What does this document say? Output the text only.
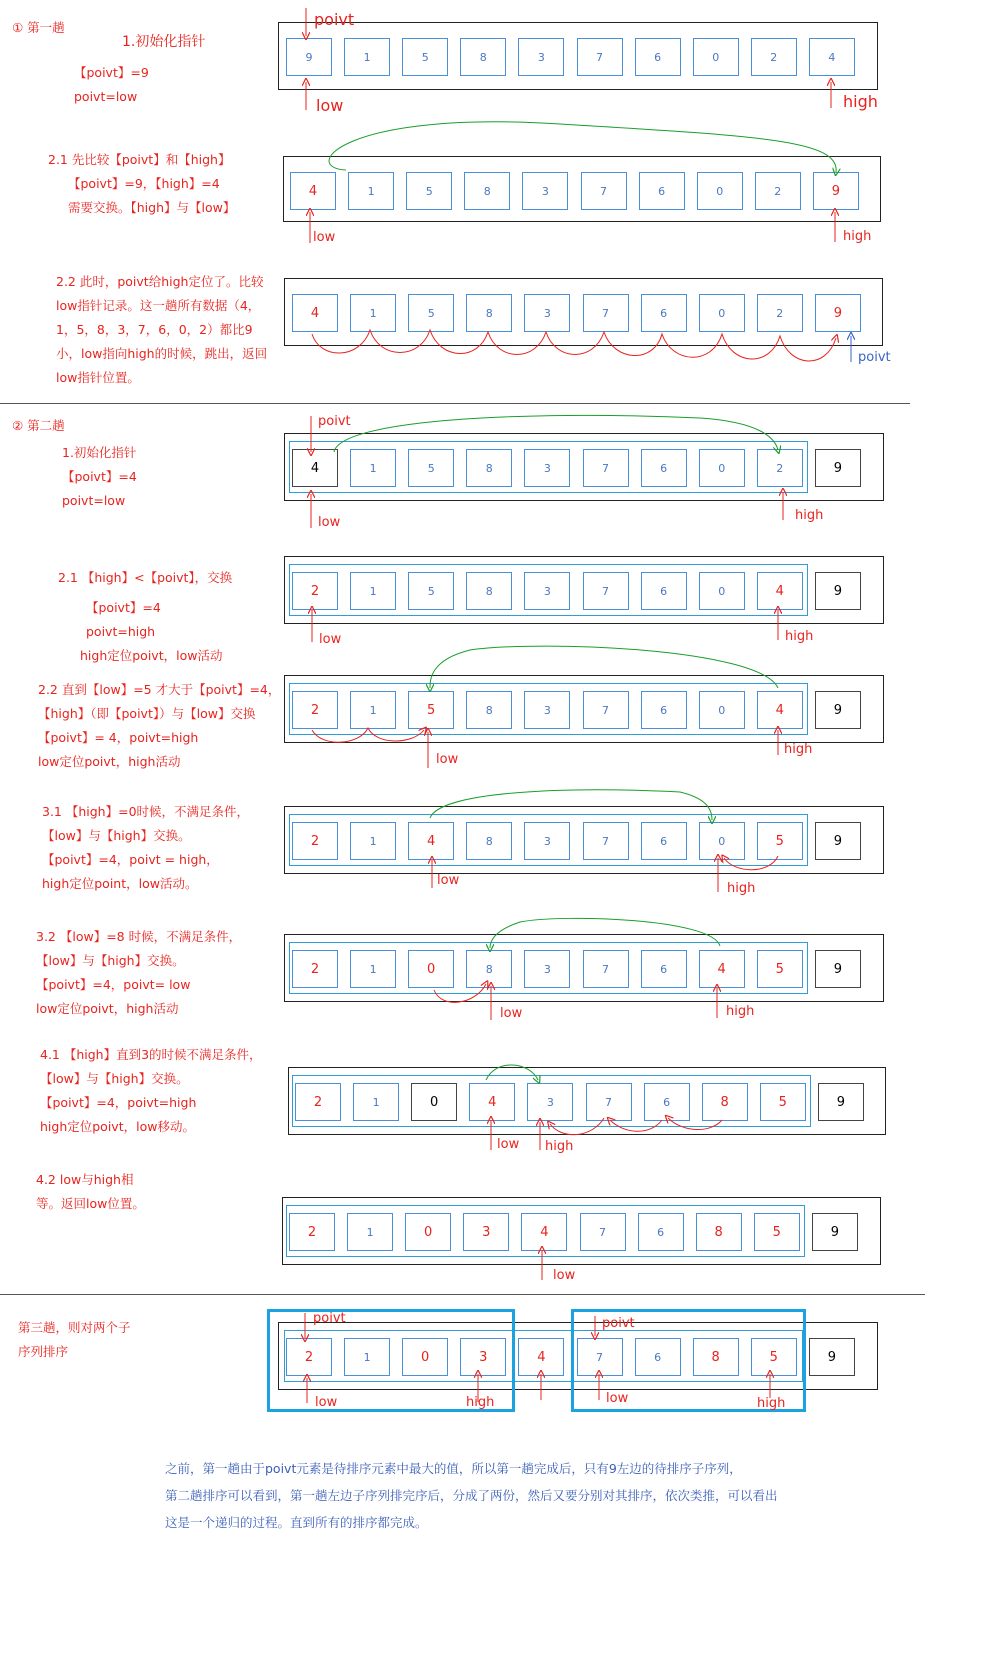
① 第一趟
1.初始化指针
【poivt】=9
poivt=low
2.1 先比较【poivt】和【high】
【poivt】=9，【high】=4
需要交换。【high】与【low】
2.2 此时，poivt给high定位了。比较
low指针记录。这一趟所有数据（4，
1，5，8，3，7，6，0，2）都比9
小，low指向high的时候，跳出，返回
low指针位置。
② 第二趟
1.初始化指针
【poivt】=4
poivt=low
2.1 【high】<【poivt】，交换
【poivt】=4
poivt=high
high定位poivt，low活动
2.2 直到【low】=5 才大于【poivt】=4，
【high】（即【poivt】）与【low】交换
【poivt】= 4，poivt=high
low定位poivt，high活动
3.1 【high】=0时候，不满足条件，
【low】与【high】交换。
【poivt】=4，poivt = high，
high定位point，low活动。
3.2 【low】=8 时候，不满足条件，
【low】与【high】交换。
【poivt】=4，poivt= low
low定位poivt，high活动
4.1 【high】直到3的时候不满足条件，
【low】与【high】交换。
【poivt】=4，poivt=high
high定位poivt，low移动。
4.2 low与high相
等。返回low位置。
第三趟，则对两个子
序列排序
9	1	5	8	3	7	6	0	2	4
4	1	5	8	3	7	6	0	2	9
4	1	5	8	3	7	6	0	2	9
4	1	5	8	3	7	6	0	2	9
2	1	5	8	3	7	6	0	4	9
2	1	5	8	3	7	6	0	4	9
2	1	4	8	3	7	6	0	5	9
2	1	0	8	3	7	6	4	5	9
2	1	0	4	3	7	6	8	5	9
2	1	0	3	4	7	6	8	5	9
2	1	0	3	4	7	6	8	5	9
poivt
low	high
low	high
poivt
poivt
low	high
low	high
low
high
low
high
low	high
low high
low
poivt
low	high
poivt
low	high
之前，第一趟由于poivt元素是待排序元素中最大的值，所以第一趟完成后，只有9左边的待排序子序列，
第二趟排序可以看到，第一趟左边子序列排完序后，分成了两份，然后又要分别对其排序，依次类推，可以看出
这是一个递归的过程。直到所有的排序都完成。
